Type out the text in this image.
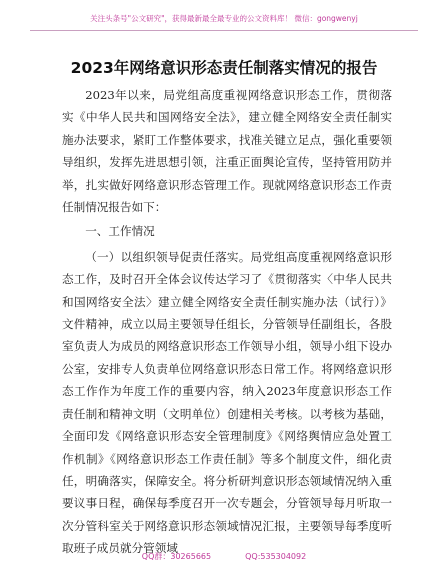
关注头条号"公文研究"，获得最新最全最专业的公文资料库！ 微信：gongwenyj
2023年网络意识形态责任制落实情况的报告

2023年以来，局党组高度重视网络意识形态工作，贯彻落实《中华人民共和国网络安全法》，建立健全网络安全责任制实施办法要求，紧盯工作整体要求，找准关键立足点，强化重要领导组织，发挥先进思想引领，注重正面舆论宣传，坚持管用防并举，扎实做好网络意识形态管理工作。现就网络意识形态工作责任制情况报告如下：

一、工作情况

（一）以组织领导促责任落实。局党组高度重视网络意识形态工作，及时召开全体会议传达学习了《贯彻落实〈中华人民共和国网络安全法〉建立健全网络安全责任制实施办法（试行）》文件精神，成立以局主要领导任组长，分管领导任副组长，各股室负责人为成员的网络意识形态工作领导小组，领导小组下设办公室，安排专人负责单位网络意识形态日常工作。将网络意识形态工作作为年度工作的重要内容，纳入2023年度意识形态工作责任制和精神文明（文明单位）创建相关考核。以考核为基础，全面印发《网络意识形态安全管理制度》《网络舆情应急处置工作机制》《网络意识形态工作责任制》等多个制度文件，细化责任，明确落实，保障安全。将分析研判意识形态领域情况纳入重要议事日程，确保每季度召开一次专题会，分管领导每月听取一次分管科室关于网络意识形态领域情况汇报，主要领导每季度听取班子成员就分管领域

QQ群：30265665	QQ:535304092
